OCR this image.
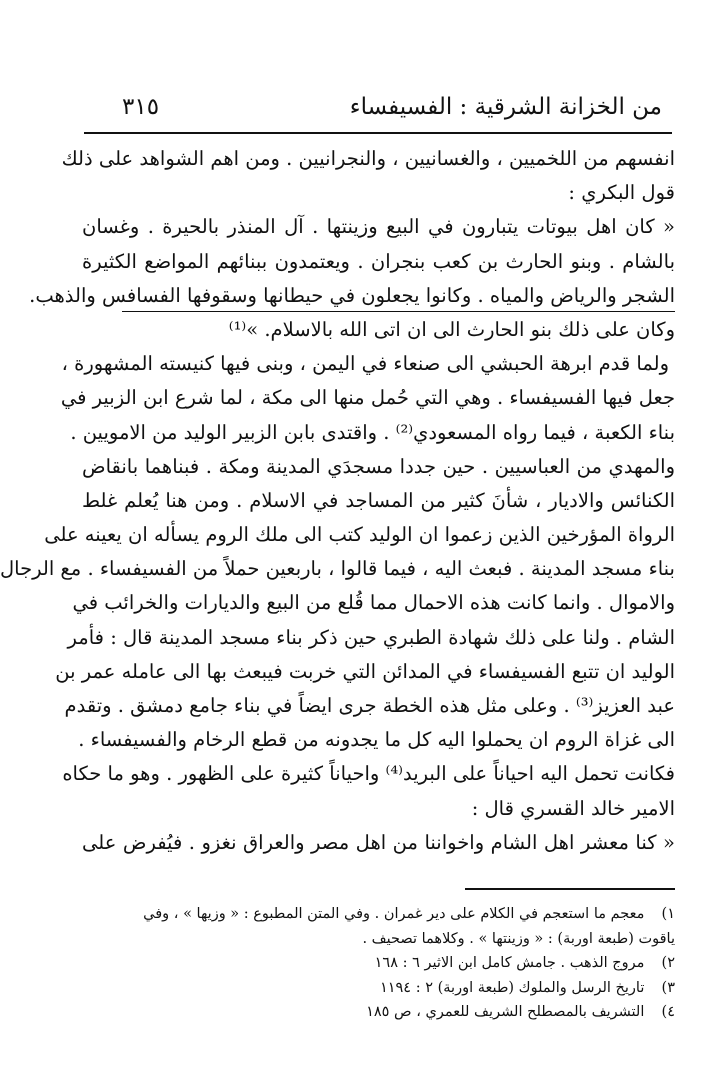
من الخزانة الشرقية : الفسيفساء
٣١٥
انفسهم من اللخميين ، والغسانيين ، والنجرانيين . ومن اهم الشواهد على ذلك
قول البكري :
« كان اهل بيوتات يتبارون في البيع وزينتها . آل المنذر بالحيرة . وغسان
بالشام . وبنو الحارث بن كعب بنجران . ويعتمدون ببنائهم المواضع الكثيرة
الشجر والرياض والمياه . وكانوا يجعلون في حيطانها وسقوفها الفسافس والذهب.
وكان على ذلك بنو الحارث الى ان اتى الله بالاسلام. »⁽¹⁾
ولما قدم ابرهة الحبشي الى صنعاء في اليمن ، وبنى فيها كنيسته المشهورة ،
جعل فيها الفسيفساء . وهي التي حُمل منها الى مكة ، لما شرع ابن الزبير في
بناء الكعبة ، فيما رواه المسعودي⁽²⁾ . واقتدى بابن الزبير الوليد من الامويين .
والمهدي من العباسيين . حين جددا مسجدَي المدينة ومكة . فبناهما بانقاض
الكنائس والاديار ، شأنَ كثير من المساجد في الاسلام . ومن هنا يُعلم غلط
الرواة المؤرخين الذين زعموا ان الوليد كتب الى ملك الروم يسأله ان يعينه على
بناء مسجد المدينة . فبعث اليه ، فيما قالوا ، باربعين حملاً من الفسيفساء . مع الرجال
والاموال . وانما كانت هذه الاحمال مما قُلع من البيع والديارات والخرائب في
الشام . ولنا على ذلك شهادة الطبري حين ذكر بناء مسجد المدينة قال : فأمر
الوليد ان تتبع الفسيفساء في المدائن التي خربت فيبعث بها الى عامله عمر بن
عبد العزيز⁽³⁾ . وعلى مثل هذه الخطة جرى ايضاً في بناء جامع دمشق . وتقدم
الى غزاة الروم ان يحملوا اليه كل ما يجدونه من قطع الرخام والفسيفساء .
فكانت تحمل اليه احياناً على البريد⁽⁴⁾ واحياناً كثيرة على الظهور . وهو ما حكاه
الامير خالد القسري قال :
« كنا معشر اهل الشام واخواننا من اهل مصر والعراق نغزو . فيُفرض على
١) معجم ما استعجم في الكلام على دير غمران . وفي المتن المطبوع : « وزيها » ، وفي
ياقوت (طبعة اوربة) : « وزينتها » . وكلاهما تصحيف .
٢) مروج الذهب . جامش كامل ابن الاثير ٦ : ١٦٨
٣) تاريخ الرسل والملوك (طبعة اوربة) ٢ : ١١٩٤
٤) التشريف بالمصطلح الشريف للعمري ، ص ١٨٥
